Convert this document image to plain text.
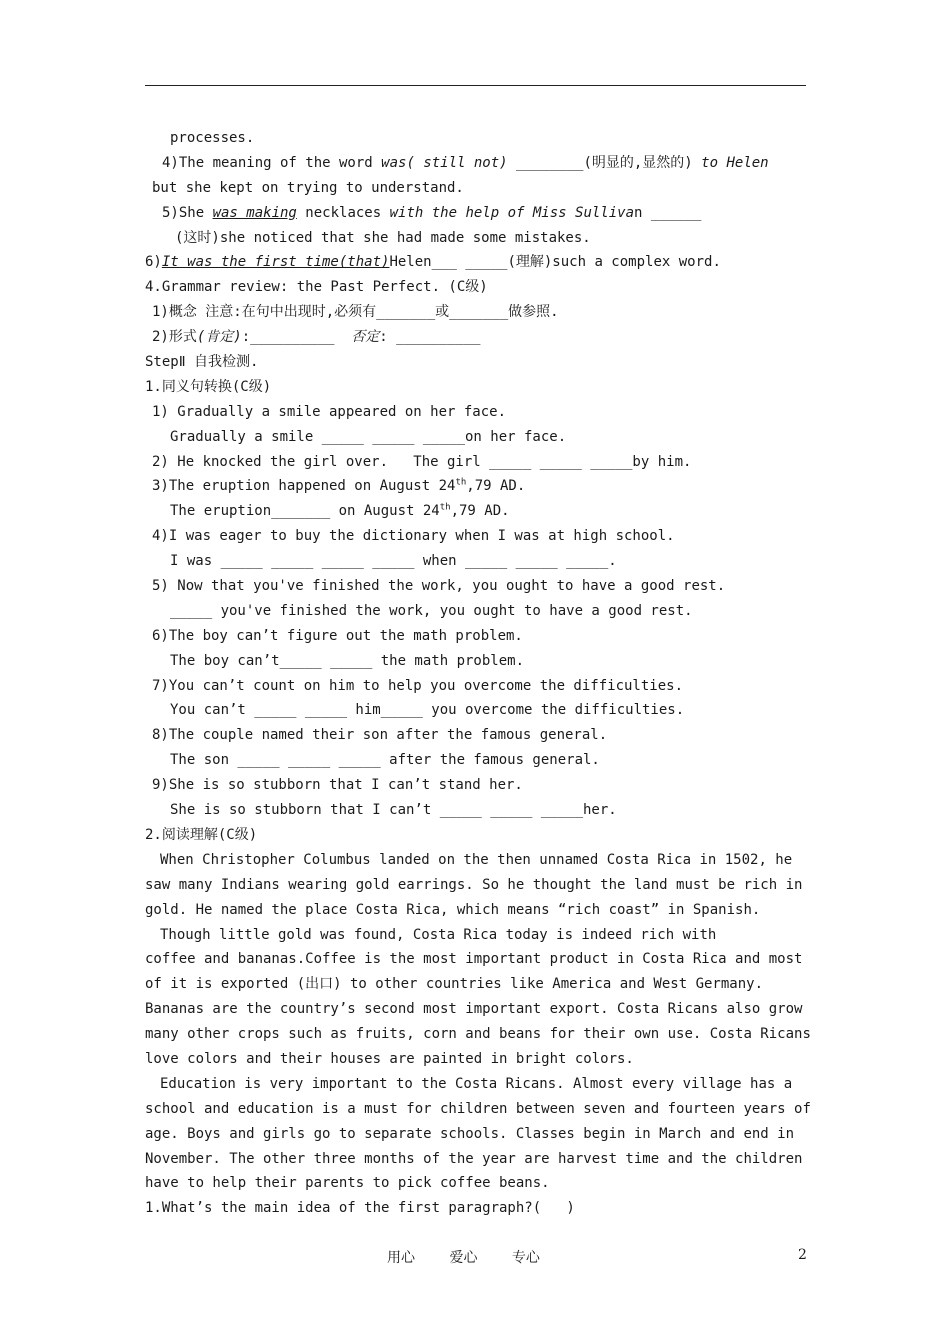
processes.
4)The meaning of the word was( still not) ________(明显的,显然的) to Helen
but she kept on trying to understand.
5)She was making necklaces with the help of Miss Sullivan ______
(这时)she noticed that she had made some mistakes.
6)It was the first time(that)Helen___ _____(理解)such a complex word.
4.Grammar review: the Past Perfect. (C级)
1)概念 注意:在句中出现时,必须有_______或_______做参照.
2)形式(肯定):__________  否定: __________
StepⅡ 自我检测.
1.同义句转换(C级)
1) Gradually a smile appeared on her face.
Gradually a smile _____ _____ _____on her face.
2) He knocked the girl over.   The girl _____ _____ _____by him.
3)The eruption happened on August 24th,79 AD.
The eruption_______ on August 24th,79 AD.
4)I was eager to buy the dictionary when I was at high school.
I was _____ _____ _____ _____ when _____ _____ _____.
5) Now that you've finished the work, you ought to have a good rest.
_____ you've finished the work, you ought to have a good rest.
6)The boy can’t figure out the math problem.
The boy can’t_____ _____ the math problem.
7)You can’t count on him to help you overcome the difficulties.
You can’t _____ _____ him_____ you overcome the difficulties.
8)The couple named their son after the famous general.
The son _____ _____ _____ after the famous general.
9)She is so stubborn that I can’t stand her.
She is so stubborn that I can’t _____ _____ _____her.
2.阅读理解(C级)
When Christopher Columbus landed on the then unnamed Costa Rica in 1502, he
saw many Indians wearing gold earrings. So he thought the land must be rich in
gold. He named the place Costa Rica, which means “rich coast” in Spanish.
Though little gold was found, Costa Rica today is indeed rich with
coffee and bananas.Coffee is the most important product in Costa Rica and most
of it is exported (出口) to other countries like America and West Germany.
Bananas are the country’s second most important export. Costa Ricans also grow
many other crops such as fruits, corn and beans for their own use. Costa Ricans
love colors and their houses are painted in bright colors.
Education is very important to the Costa Ricans. Almost every village has a
school and education is a must for children between seven and fourteen years of
age. Boys and girls go to separate schools. Classes begin in March and end in
November. The other three months of the year are harvest time and the children
have to help their parents to pick coffee beans.
1.What’s the main idea of the first paragraph?(   )
用心 爱心 专心	2
